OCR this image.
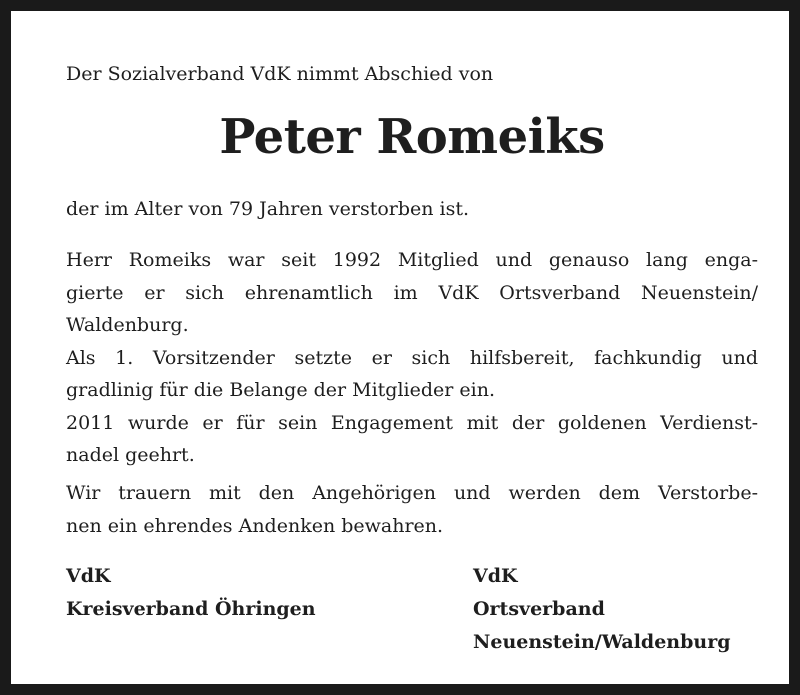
Der Sozialverband VdK nimmt Abschied von
Peter Romeiks
der im Alter von 79 Jahren verstorben ist.
Herr Romeiks war seit 1992 Mitglied und genauso lang enga-
gierte er sich ehrenamtlich im VdK Ortsverband Neuenstein/
Waldenburg.
Als 1. Vorsitzender setzte er sich hilfsbereit, fachkundig und
gradlinig für die Belange der Mitglieder ein.
2011 wurde er für sein Engagement mit der goldenen Verdienst-
nadel geehrt.
Wir trauern mit den Angehörigen und werden dem Verstorbe-
nen ein ehrendes Andenken bewahren.
VdK
Kreisverband Öhringen
VdK
Ortsverband
Neuenstein/Waldenburg
